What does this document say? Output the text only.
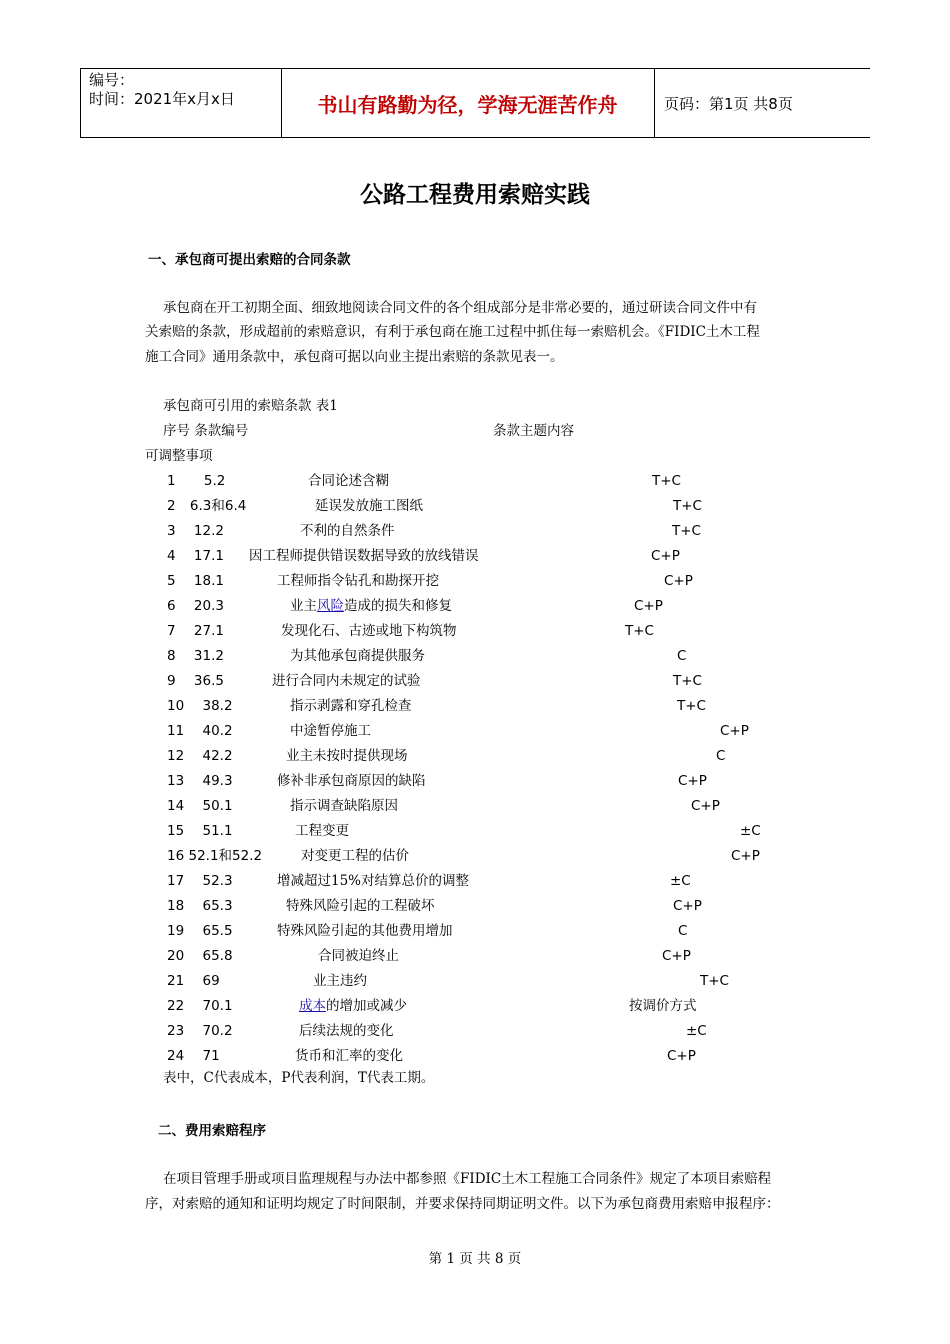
编号：
时间：2021年x月x日	书山有路勤为径，学海无涯苦作舟	页码：第1页 共8页
公路工程费用索赔实践
一、承包商可提出索赔的合同条款
承包商在开工初期全面、细致地阅读合同文件的各个组成部分是非常必要的，通过研读合同文件中有
关索赔的条款，形成超前的索赔意识，有利于承包商在施工过程中抓住每一索赔机会。《FIDIC土木工程
施工合同》通用条款中，承包商可据以向业主提出索赔的条款见表一。
承包商可引用的索赔条款 表1
序号 条款编号	条款主题内容
可调整事项
1 5.2	合同论述含糊	T+C
2 6.3和6.4	延误发放施工图纸	T+C
3 12.2	不利的自然条件	T+C
4 17.1 因工程师提供错误数据导致的放线错误	C+P
5 18.1	工程师指令钻孔和勘探开挖	C+P
6 20.3	业主风险造成的损失和修复	C+P
7 27.1	发现化石、古迹或地下构筑物	T+C
8 31.2	为其他承包商提供服务	C
9 36.5	进行合同内未规定的试验	T+C
10 38.2	指示剥露和穿孔检查	T+C
11 40.2	中途暂停施工	C+P
12 42.2	业主未按时提供现场	C
13 49.3	修补非承包商原因的缺陷	C+P
14 50.1	指示调查缺陷原因	C+P
15 51.1	工程变更	±C
16 52.1和52.2	对变更工程的估价	C+P
17 52.3	增减超过15%对结算总价的调整	±C
18 65.3	特殊风险引起的工程破坏	C+P
19 65.5	特殊风险引起的其他费用增加	C
20 65.8	合同被迫终止	C+P
21 69	业主违约	T+C
22 70.1	成本的增加或减少	按调价方式
23 70.2	后续法规的变化	±C
24 71	货币和汇率的变化	C+P
表中，C代表成本，P代表利润，T代表工期。
二、费用索赔程序
在项目管理手册或项目监理规程与办法中都参照《FIDIC土木工程施工合同条件》规定了本项目索赔程
序，对索赔的通知和证明均规定了时间限制，并要求保持同期证明文件。以下为承包商费用索赔申报程序：
第 1 页 共 8 页
